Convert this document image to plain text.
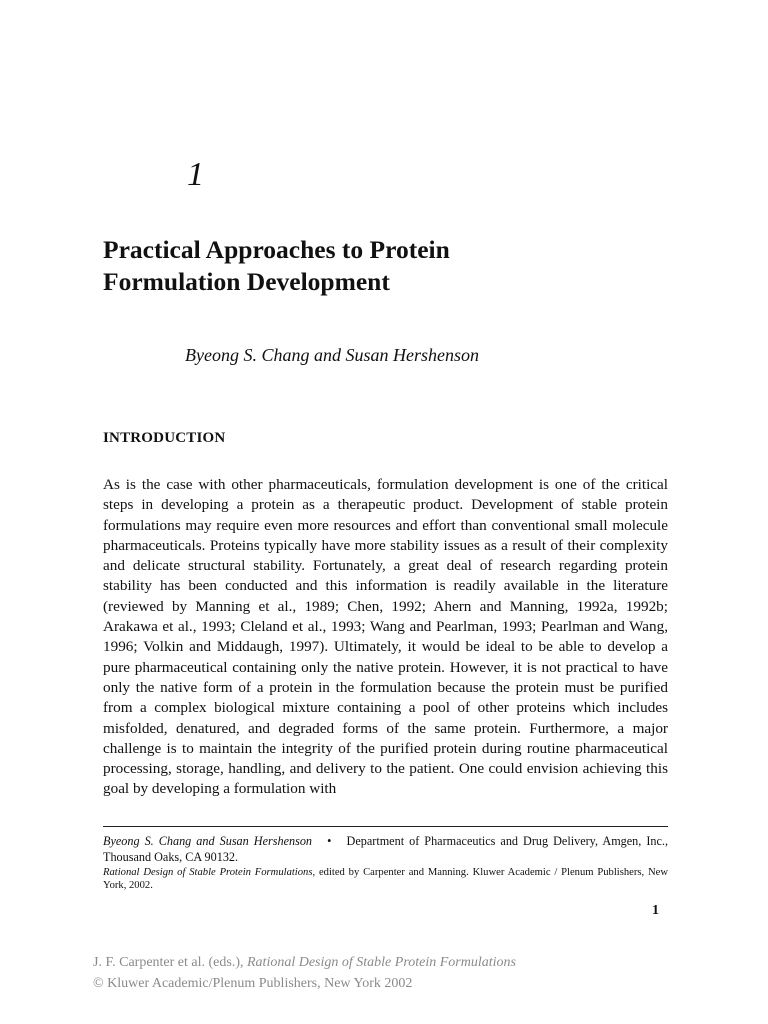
1
Practical Approaches to Protein
Formulation Development
Byeong S. Chang and Susan Hershenson
INTRODUCTION

As is the case with other pharmaceuticals, formulation development is one of the critical steps in developing a protein as a therapeutic product. Development of stable protein formulations may require even more resources and effort than conventional small molecule pharmaceuticals. Proteins typically have more stability issues as a result of their complexity and delicate structural stability. Fortunately, a great deal of research regarding protein stability has been conducted and this information is readily available in the literature (reviewed by Manning et al., 1989; Chen, 1992; Ahern and Manning, 1992a, 1992b; Arakawa et al., 1993; Cleland et al., 1993; Wang and Pearlman, 1993; Pearlman and Wang, 1996; Volkin and Middaugh, 1997). Ultimately, it would be ideal to be able to develop a pure pharmaceutical containing only the native protein. However, it is not practical to have only the native form of a protein in the formulation because the protein must be purified from a complex biological mixture containing a pool of other proteins which includes misfolded, denatured, and degraded forms of the same protein. Furthermore, a major challenge is to maintain the integrity of the purified protein during routine pharmaceutical processing, storage, handling, and delivery to the patient. One could envision achieving this goal by developing a formulation with

Byeong S. Chang and Susan Hershenson • Department of Pharmaceutics and Drug Delivery, Amgen, Inc., Thousand Oaks, CA 90132.

Rational Design of Stable Protein Formulations, edited by Carpenter and Manning. Kluwer Academic / Plenum Publishers, New York, 2002.

1
J. F. Carpenter et al. (eds.), Rational Design of Stable Protein Formulations
© Kluwer Academic/Plenum Publishers, New York 2002
